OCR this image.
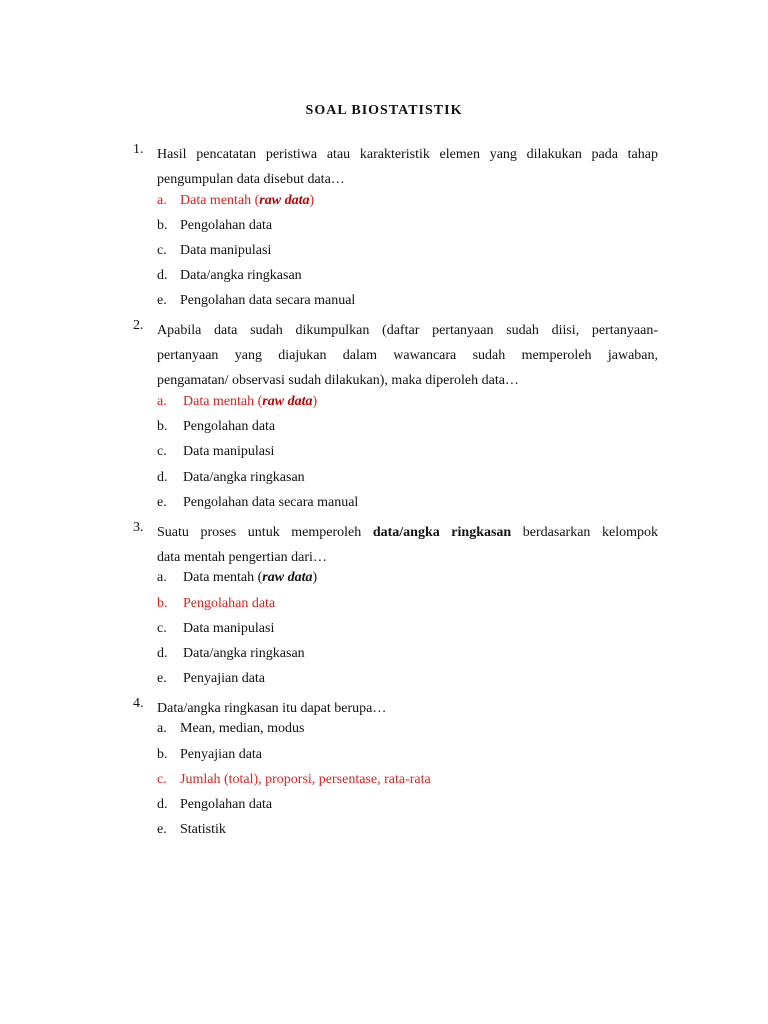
SOAL BIOSTATISTIK
1. Hasil pencatatan peristiwa atau karakteristik elemen yang dilakukan pada tahap
pengumpulan data disebut data…
a. Data mentah (raw data)
b. Pengolahan data
c. Data manipulasi
d. Data/angka ringkasan
e. Pengolahan data secara manual
2. Apabila data sudah dikumpulkan (daftar pertanyaan sudah diisi, pertanyaan-
pertanyaan yang diajukan dalam wawancara sudah memperoleh jawaban,
pengamatan/ observasi sudah dilakukan), maka diperoleh data…
a. Data mentah (raw data)
b. Pengolahan data
c. Data manipulasi
d. Data/angka ringkasan
e. Pengolahan data secara manual
3. Suatu proses untuk memperoleh data/angka ringkasan berdasarkan kelompok
data mentah pengertian dari…
a. Data mentah (raw data)
b. Pengolahan data
c. Data manipulasi
d. Data/angka ringkasan
e. Penyajian data
4. Data/angka ringkasan itu dapat berupa…
a. Mean, median, modus
b. Penyajian data
c. Jumlah (total), proporsi, persentase, rata-rata
d. Pengolahan data
e. Statistik
